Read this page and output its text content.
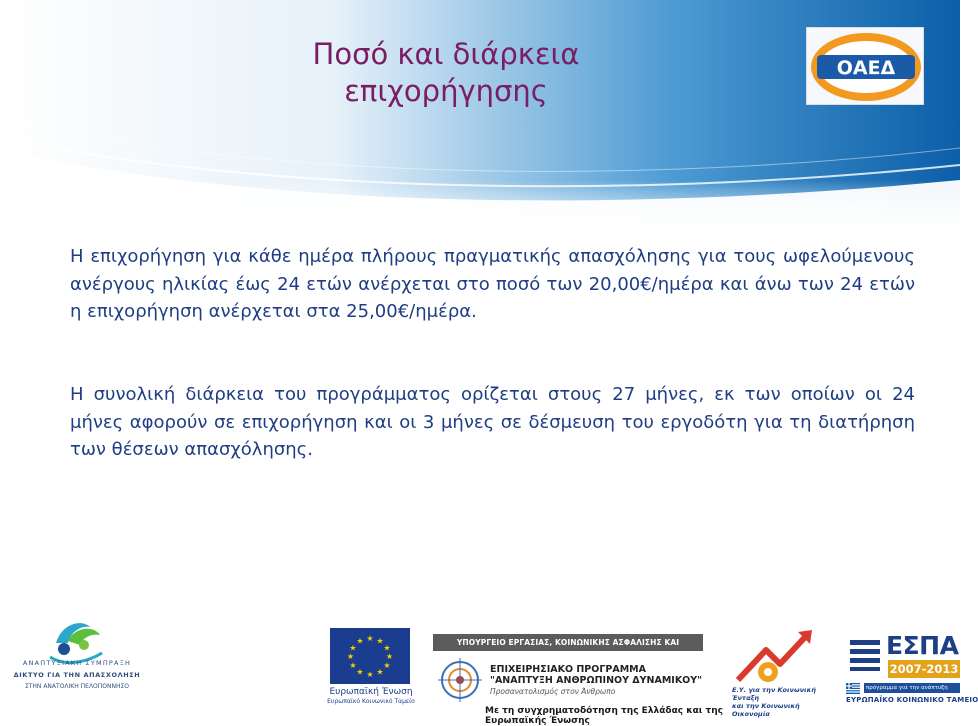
Ποσό και διάρκεια
επιχορήγησης
ΟΑΕΔ
Η επιχορήγηση για κάθε ημέρα πλήρους πραγματικής απασχόλησης για τους ωφελούμενους ανέργους ηλικίας έως 24 ετών ανέρχεται στο ποσό των 20,00€/ημέρα και άνω των 24 ετών η επιχορήγηση ανέρχεται στα 25,00€/ημέρα.
Η συνολική διάρκεια του προγράμματος ορίζεται στους 27 μήνες, εκ των οποίων οι 24 μήνες αφορούν σε επιχορήγηση και οι 3 μήνες σε δέσμευση του εργοδότη για τη διατήρηση των θέσεων απασχόλησης.
ΑΝΑΠΤΥΞΙΑΚΗ ΣΥΜΠΡΑΞΗ
ΔΙΚΤΥΟ ΓΙΑ ΤΗΝ ΑΠΑΣΧΟΛΗΣΗ
ΣΤΗΝ ΑΝΑΤΟΛΙΚΗ ΠΕΛΟΠΟΝΝΗΣΟ
★ ★
★
★
★
★
★
★
★
★
★
★
Ευρωπαϊκή Ένωση
Ευρωπαϊκό Κοινωνικό Ταμείο
ΥΠΟΥΡΓΕΙΟ ΕΡΓΑΣΙΑΣ, ΚΟΙΝΩΝΙΚΗΣ ΑΣΦΑΛΙΣΗΣ ΚΑΙ ΠΡΟΝΟΙΑΣ
ΕΠΙΧΕΙΡΗΣΙΑΚΟ ΠΡΟΓΡΑΜΜΑ
"ΑΝΑΠΤΥΞΗ ΑΝΘΡΩΠΙΝΟΥ ΔΥΝΑΜΙΚΟΥ"
Προσανατολισμός στον Άνθρωπο
Με τη συγχρηματοδότηση της Ελλάδας και της Ευρωπαϊκής Ένωσης
Ε.Υ. για την Κοινωνική Ένταξη
και την Κοινωνική Οικονομία
ΕΣΠΑ
2007-2013
πρόγραμμα για την ανάπτυξη
ΕΥΡΩΠΑΪΚΟ ΚΟΙΝΩΝΙΚΟ ΤΑΜΕΙΟ
